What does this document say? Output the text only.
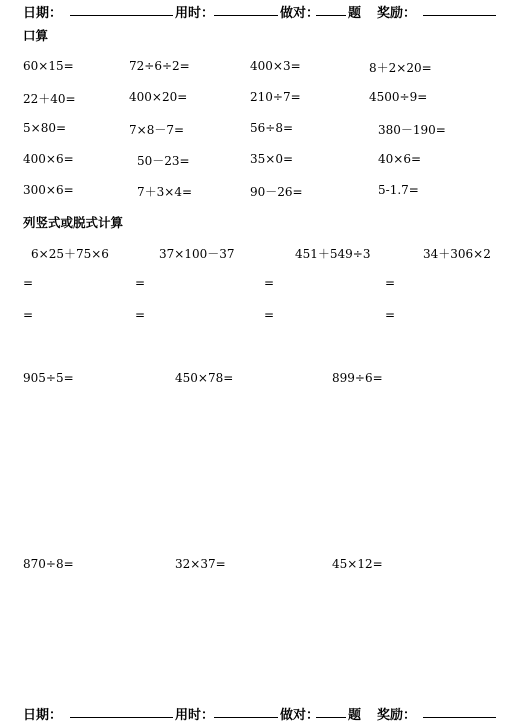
日期：	用时：	做对： 题 奖励：
口算
60×15=	72÷6÷2=	400×3=	8＋2×20=
22＋40=	400×20=	210÷7=	4500÷9=
5×80=	7×8－7=	56÷8=	380－190=
400×6=	50－23=	35×0=	40×6=
300×6=	7＋3×4=	90－26=	5-1.7=
列竖式或脱式计算
6×25＋75×6	37×100－37	451＋549÷3	34＋306×2
=	=	=	=
=	=	=	=
905÷5=	450×78=	899÷6=
870÷8=	32×37=	45×12=
日期：	用时：	做对： 题 奖励：
